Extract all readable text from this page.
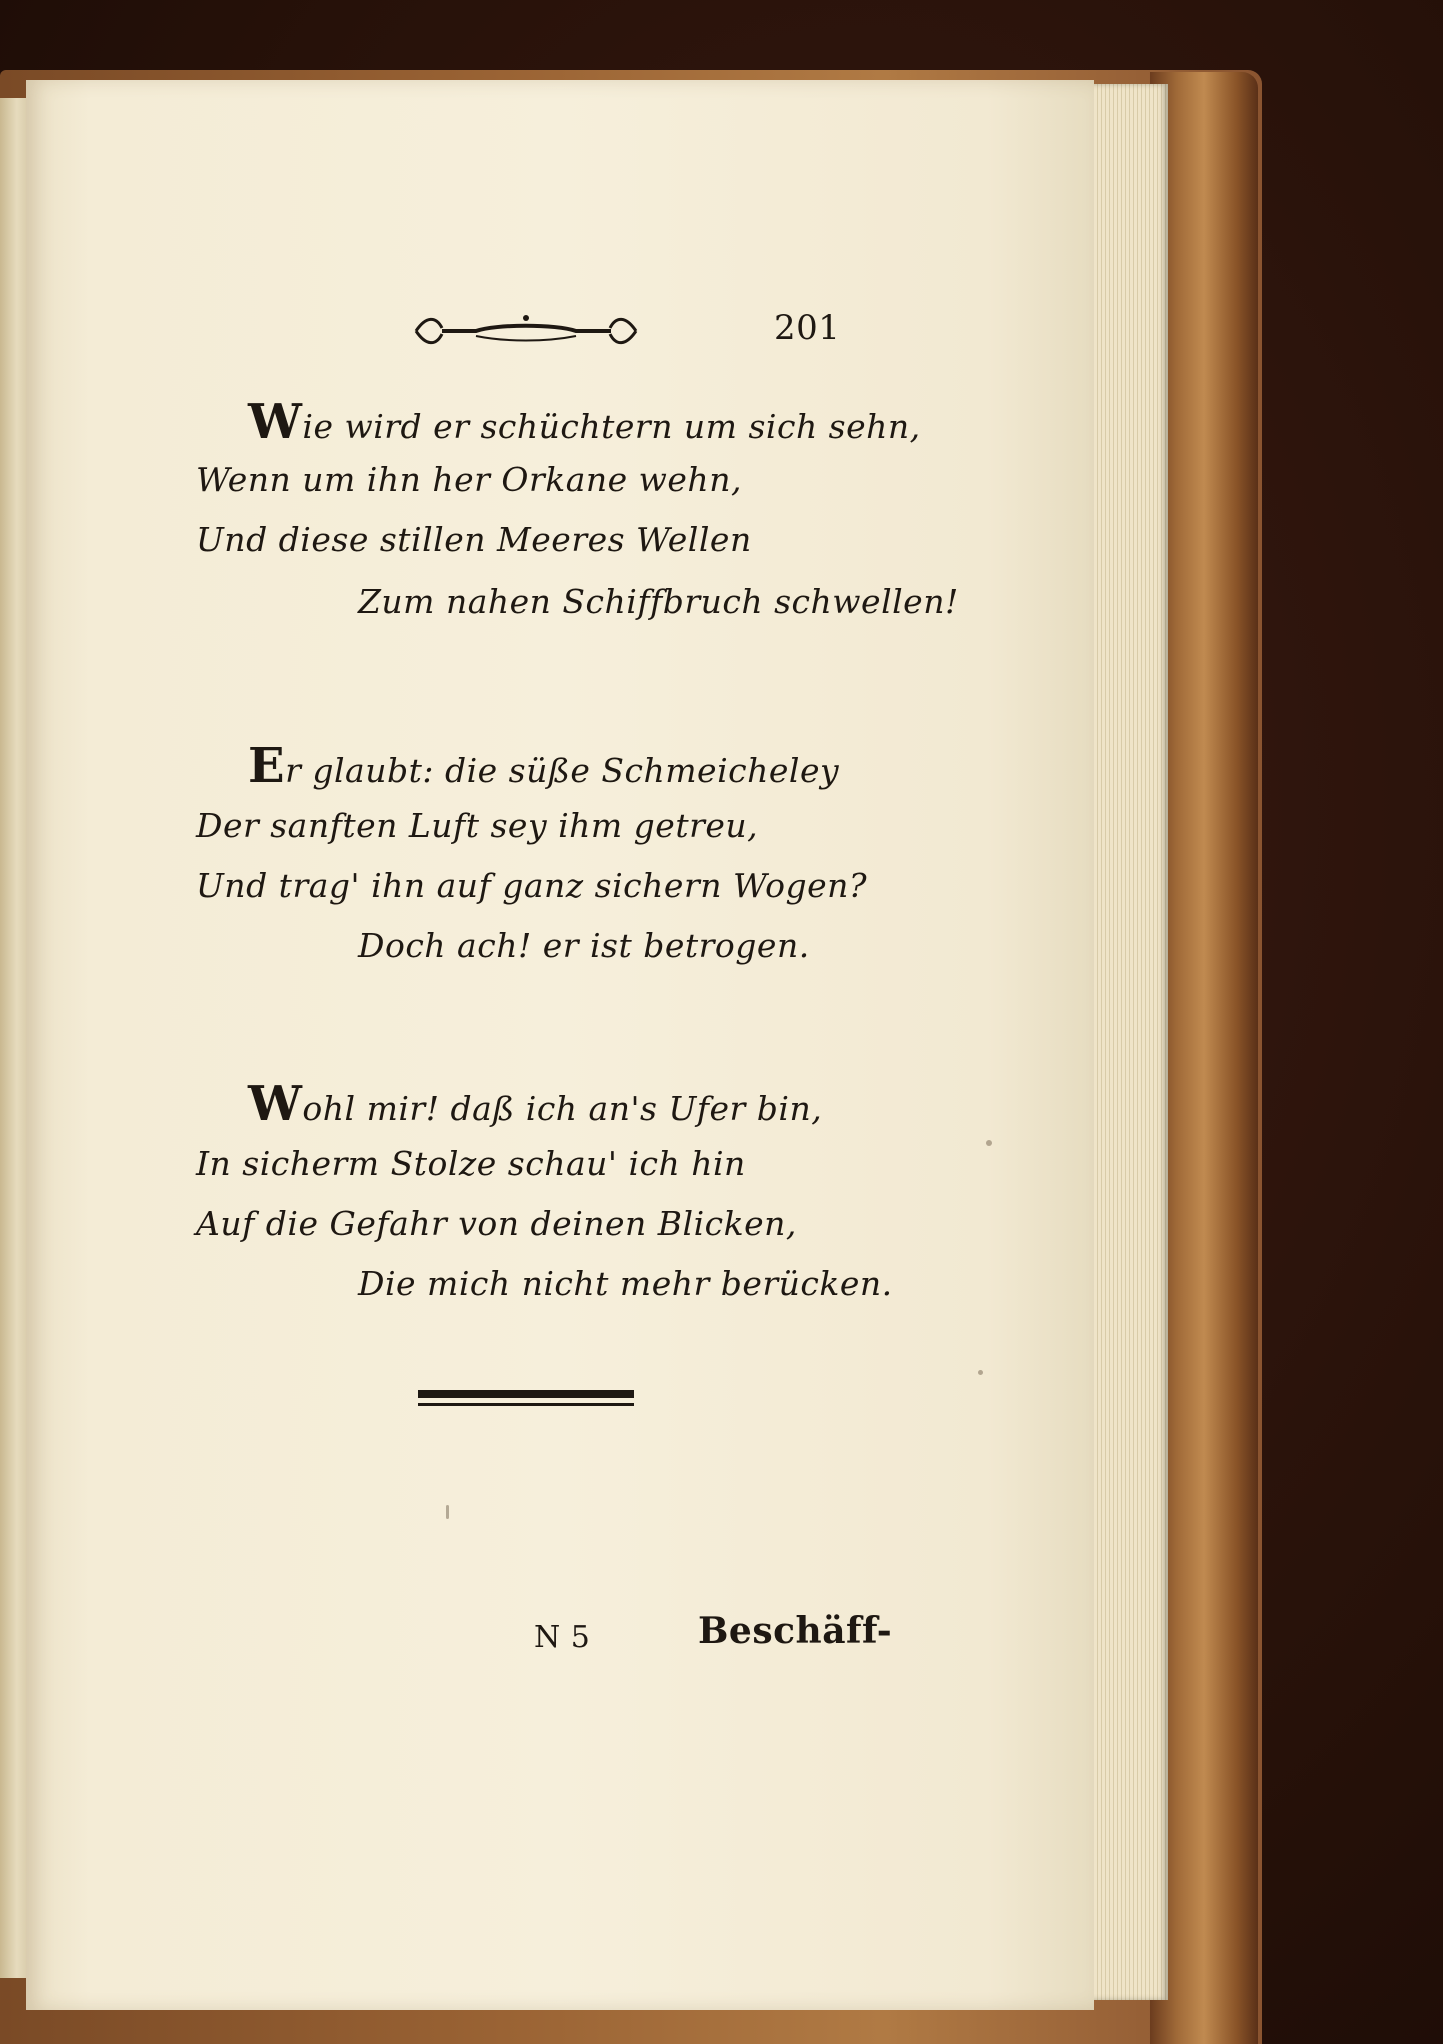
201
Wie wird er schüchtern um sich sehn,
Wenn um ihn her Orkane wehn,
Und diese stillen Meeres Wellen
Zum nahen Schiffbruch schwellen!
Er glaubt: die süße Schmeicheley
Der sanften Luft sey ihm getreu,
Und trag' ihn auf ganz sichern Wogen?
Doch ach! er ist betrogen.
Wohl mir! daß ich an's Ufer bin,
In sicherm Stolze schau' ich hin
Auf die Gefahr von deinen Blicken,
Die mich nicht mehr berücken.
N 5	Beschäff-
